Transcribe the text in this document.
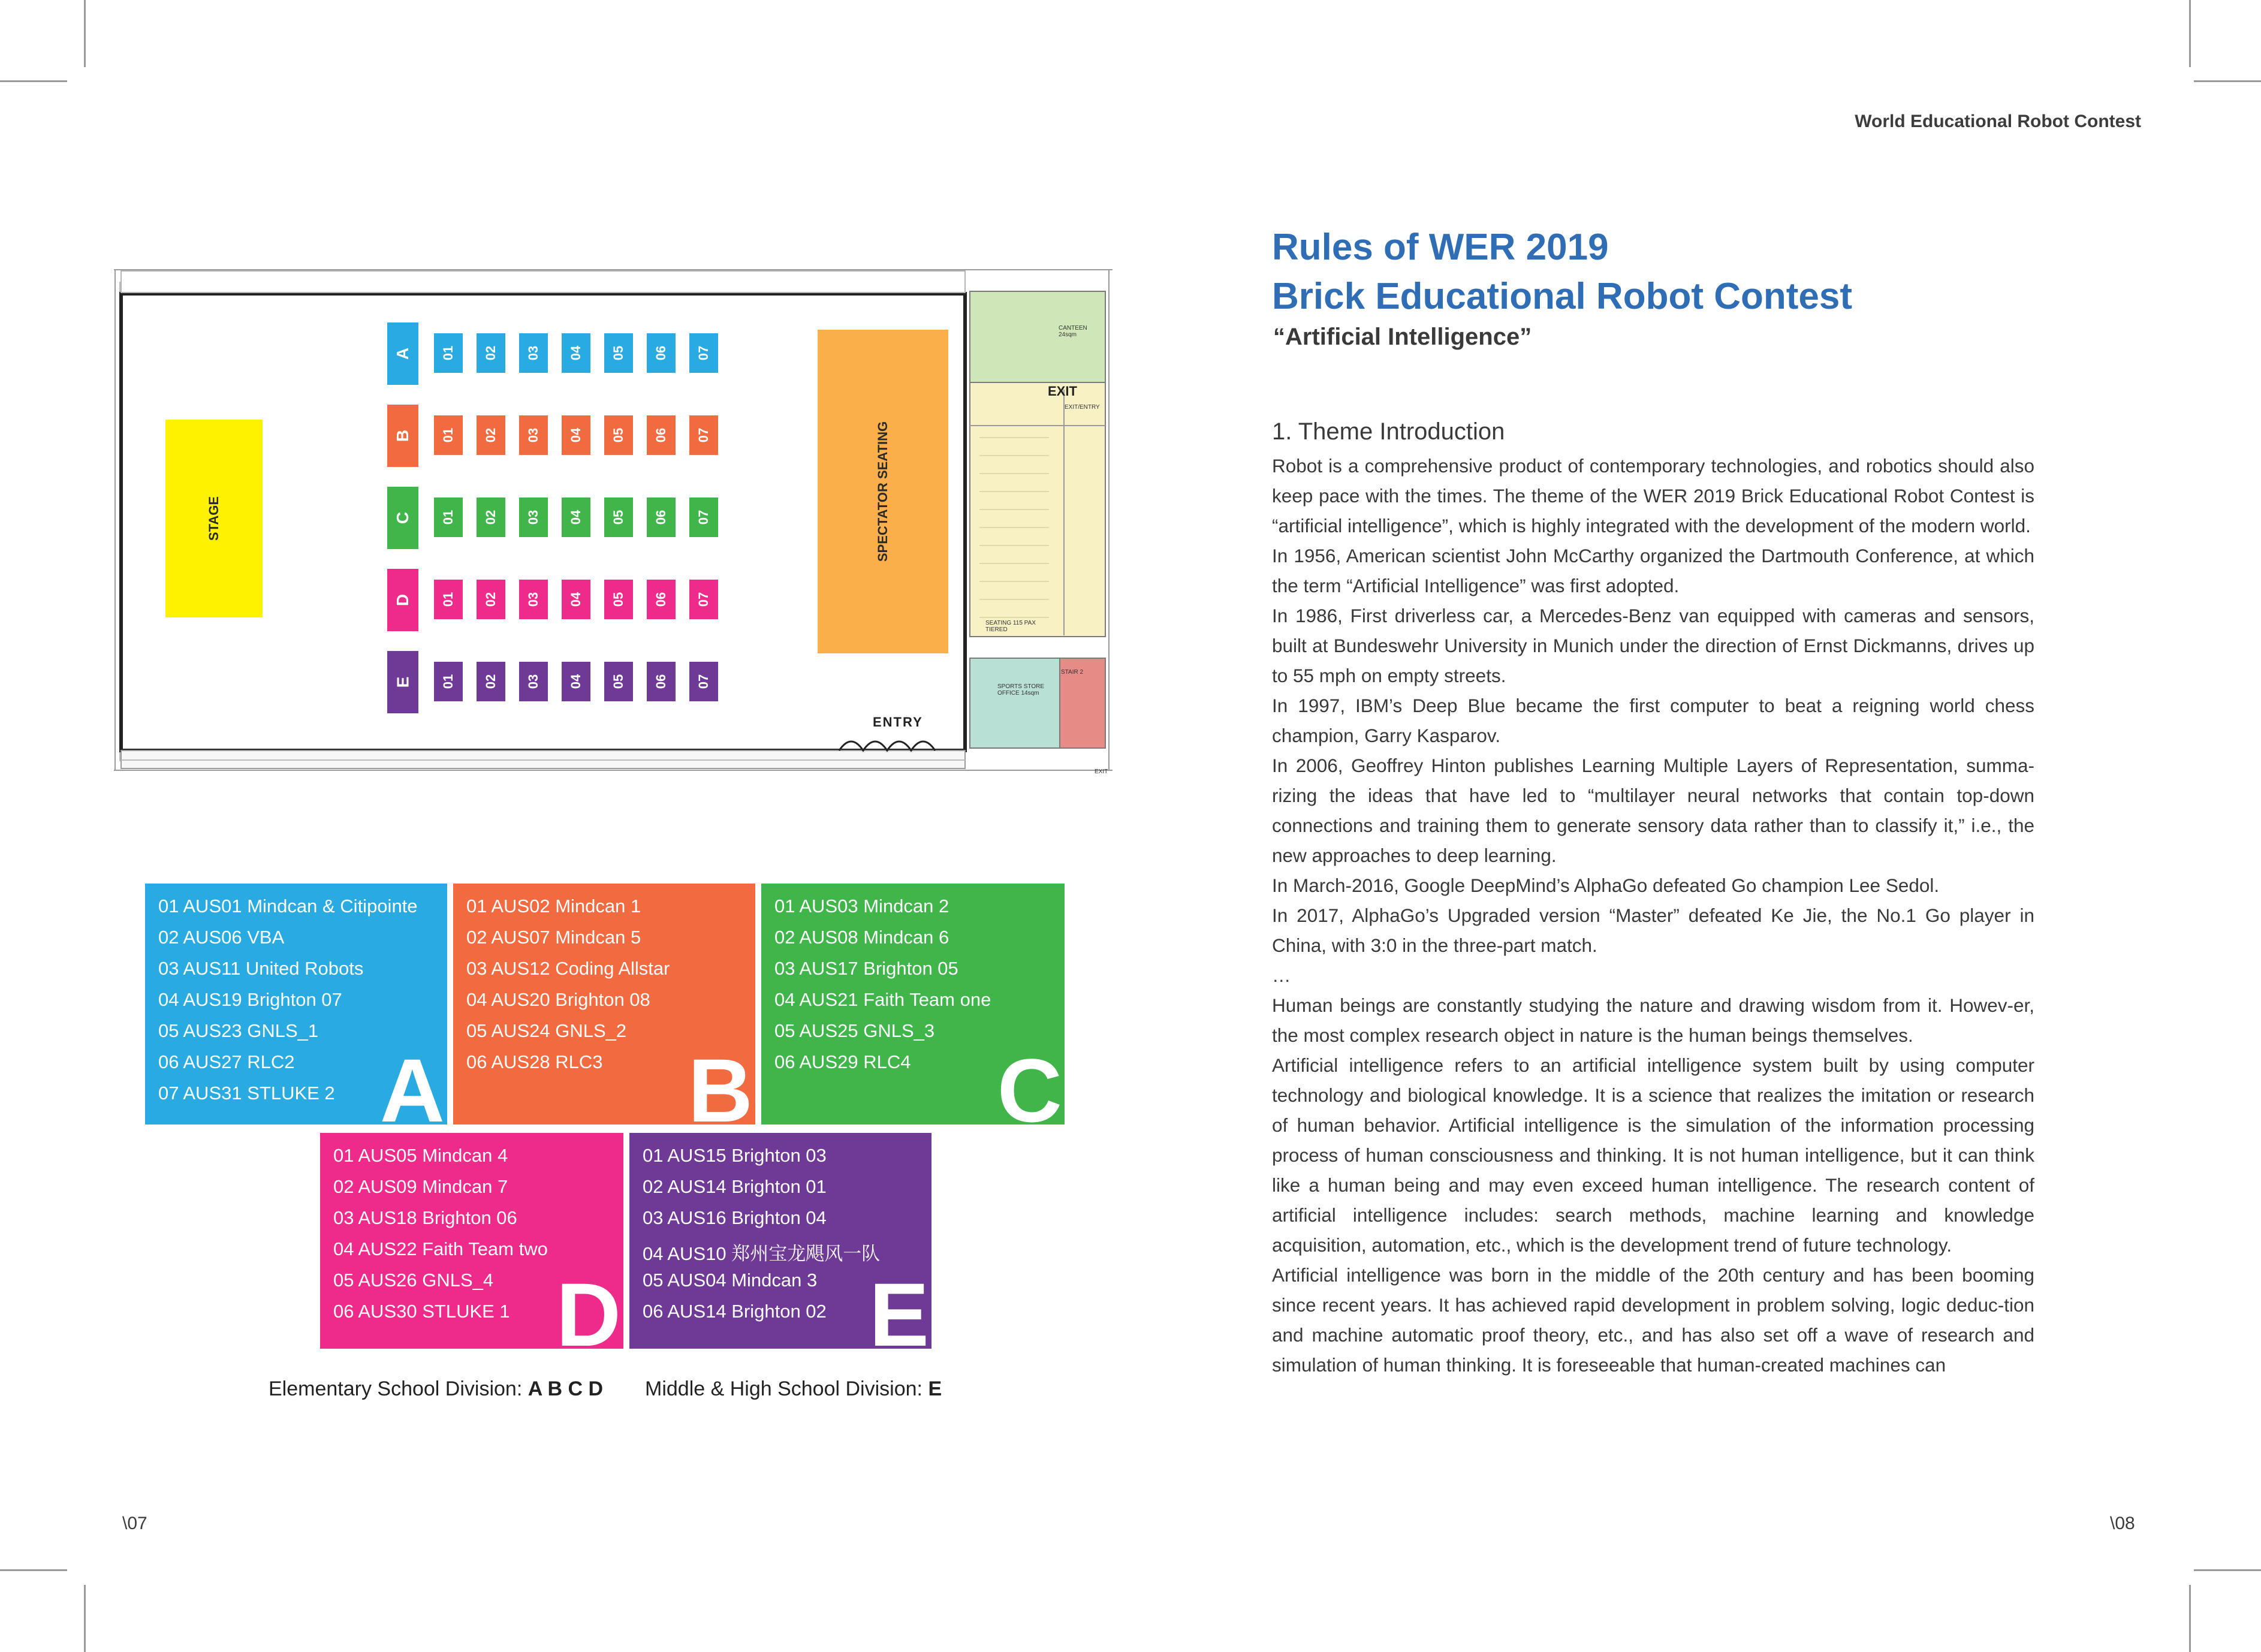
World Educational Robot Contest
STAGE	SPECTATOR SEATING
CANTEEN 24sqm
EXIT
EXIT/ENTRY
SEATING 115 PAX TIERED
SPORTS STORE OFFICE 14sqm
STAIR 2
ENTRY
EXIT
A 01 02 03 04 05 06 07
B 01 02 03 04 05 06 07
C 01 02 03 04 05 06 07
D 01 02 03 04 05 06 07
E 01 02 03 04 05 06 07
01 AUS01 Mindcan & Citipointe
02 AUS06 VBA
03 AUS11 United Robots
04 AUS19 Brighton 07
05 AUS23 GNLS_1
06 AUS27 RLC2
07 AUS31 STLUKE 2 A
01 AUS02 Mindcan 1
02 AUS07 Mindcan 5
03 AUS12 Coding Allstar
04 AUS20 Brighton 08
05 AUS24 GNLS_2
06 AUS28 RLC3 B
01 AUS03 Mindcan 2
02 AUS08 Mindcan 6
03 AUS17 Brighton 05
04 AUS21 Faith Team one
05 AUS25 GNLS_3
06 AUS29 RLC4 C
01 AUS05 Mindcan 4
02 AUS09 Mindcan 7
03 AUS18 Brighton 06
04 AUS22 Faith Team two
05 AUS26 GNLS_4
06 AUS30 STLUKE 1 D
01 AUS15 Brighton 03
02 AUS14 Brighton 01
03 AUS16 Brighton 04
04 AUS10 郑州宝龙飓风一队
05 AUS04 Mindcan 3
06 AUS14 Brighton 02 E
Elementary School Division: A B C D Middle & High School Division: E
\07	\08
Rules of WER 2019
Brick Educational Robot Contest
“Artificial Intelligence”
1. Theme Introduction

Robot is a comprehensive product of contemporary technologies, and robotics should also keep pace with the times. The theme of the WER 2019 Brick Educational Robot Contest is “artificial intelligence”, which is highly integrated with the development of the modern world.

In 1956, American scientist John McCarthy organized the Dartmouth Conference, at which the term “Artificial Intelligence” was first adopted.

In 1986, First driverless car, a Mercedes-Benz van equipped with cameras and sensors, built at Bundeswehr University in Munich under the direction of Ernst Dickmanns, drives up to 55 mph on empty streets.

In 1997, IBM’s Deep Blue became the first computer to beat a reigning world chess champion, Garry Kasparov.

In 2006, Geoffrey Hinton publishes Learning Multiple Layers of Representation, summa-rizing the ideas that have led to “multilayer neural networks that contain top-down connections and training them to generate sensory data rather than to classify it,” i.e., the new approaches to deep learning.

In March-2016, Google DeepMind’s AlphaGo defeated Go champion Lee Sedol.

In 2017, AlphaGo’s Upgraded version “Master” defeated Ke Jie, the No.1 Go player in China, with 3:0 in the three-part match.

…

Human beings are constantly studying the nature and drawing wisdom from it. Howev-er, the most complex research object in nature is the human beings themselves.

Artificial intelligence refers to an artificial intelligence system built by using computer technology and biological knowledge. It is a science that realizes the imitation or research of human behavior. Artificial intelligence is the simulation of the information processing process of human consciousness and thinking. It is not human intelligence, but it can think like a human being and may even exceed human intelligence. The research content of artificial intelligence includes: search methods, machine learning and knowledge acquisition, automation, etc., which is the development trend of future technology.

Artificial intelligence was born in the middle of the 20th century and has been booming since recent years. It has achieved rapid development in problem solving, logic deduc-tion and machine automatic proof theory, etc., and has also set off a wave of research and simulation of human thinking. It is foreseeable that human-created machines can
